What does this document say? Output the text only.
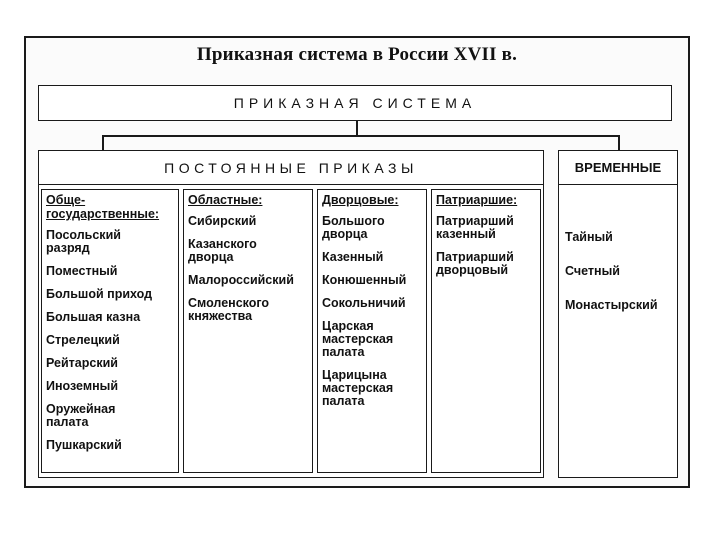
Приказная система в России XVII в.
ПРИКАЗНАЯ СИСТЕМА
ПОСТОЯННЫЕ ПРИКАЗЫ
Обще-
государственные:
Посольский
разряд
Поместный
Большой приход
Большая казна
Стрелецкий
Рейтарский
Иноземный
Оружейная
палата
Пушкарский
Областные:
Сибирский
Казанского
дворца
Малороссийский
Смоленского
княжества
Дворцовые:
Большого
дворца
Казенный
Конюшенный
Сокольничий
Царская
мастерская
палата
Царицына
мастерская
палата
Патриаршие:
Патриарший
казенный
Патриарший
дворцовый
ВРЕМЕННЫЕ
Тайный
Счетный
Монастырский
